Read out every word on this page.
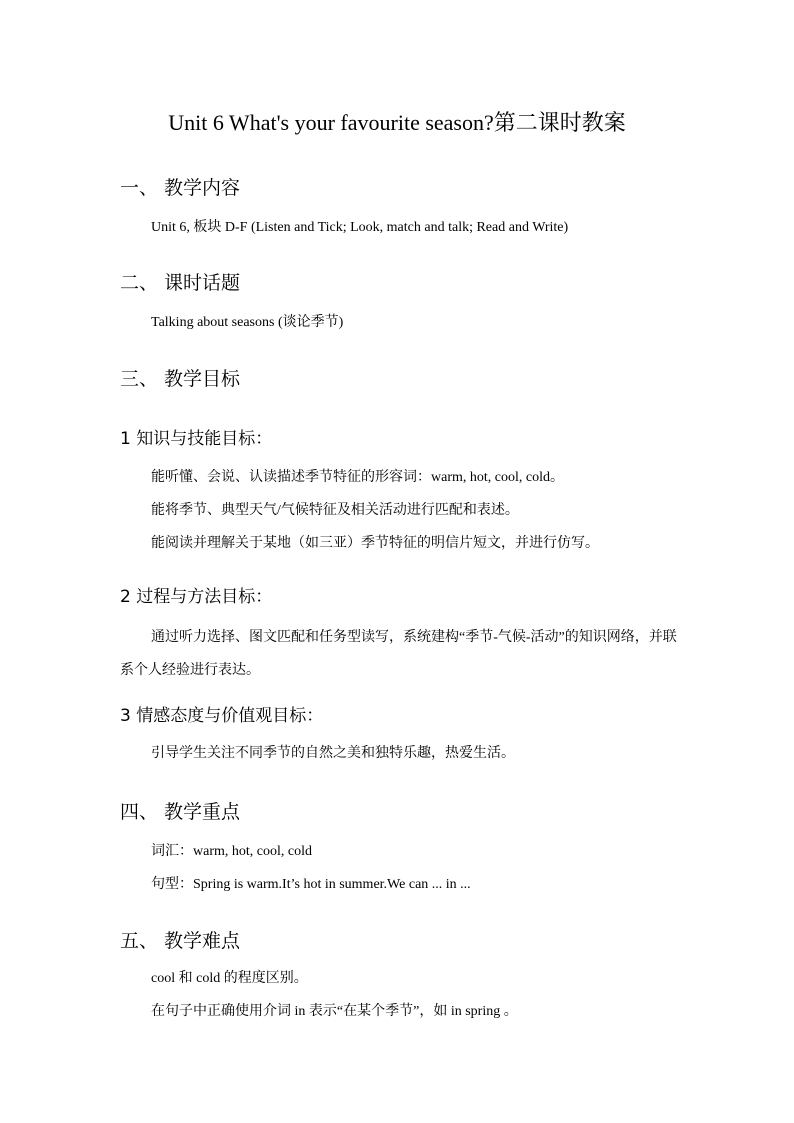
Unit 6 What's your favourite season?第二课时教案
一、 教学内容
Unit 6, 板块 D-F (Listen and Tick; Look, match and talk; Read and Write)
二、 课时话题
Talking about seasons (谈论季节)
三、 教学目标
1 知识与技能目标：
能听懂、会说、认读描述季节特征的形容词：warm, hot, cool, cold。
能将季节、典型天气/气候特征及相关活动进行匹配和表述。
能阅读并理解关于某地（如三亚）季节特征的明信片短文，并进行仿写。
2 过程与方法目标：
通过听力选择、图文匹配和任务型读写，系统建构“季节-气候-活动”的知识网络，并联系个人经验进行表达。
3 情感态度与价值观目标：
引导学生关注不同季节的自然之美和独特乐趣，热爱生活。
四、 教学重点
词汇：warm, hot, cool, cold
句型：Spring is warm.It’s hot in summer.We can ... in ...
五、 教学难点
cool 和 cold 的程度区别。
在句子中正确使用介词 in 表示“在某个季节”，如 in spring 。
